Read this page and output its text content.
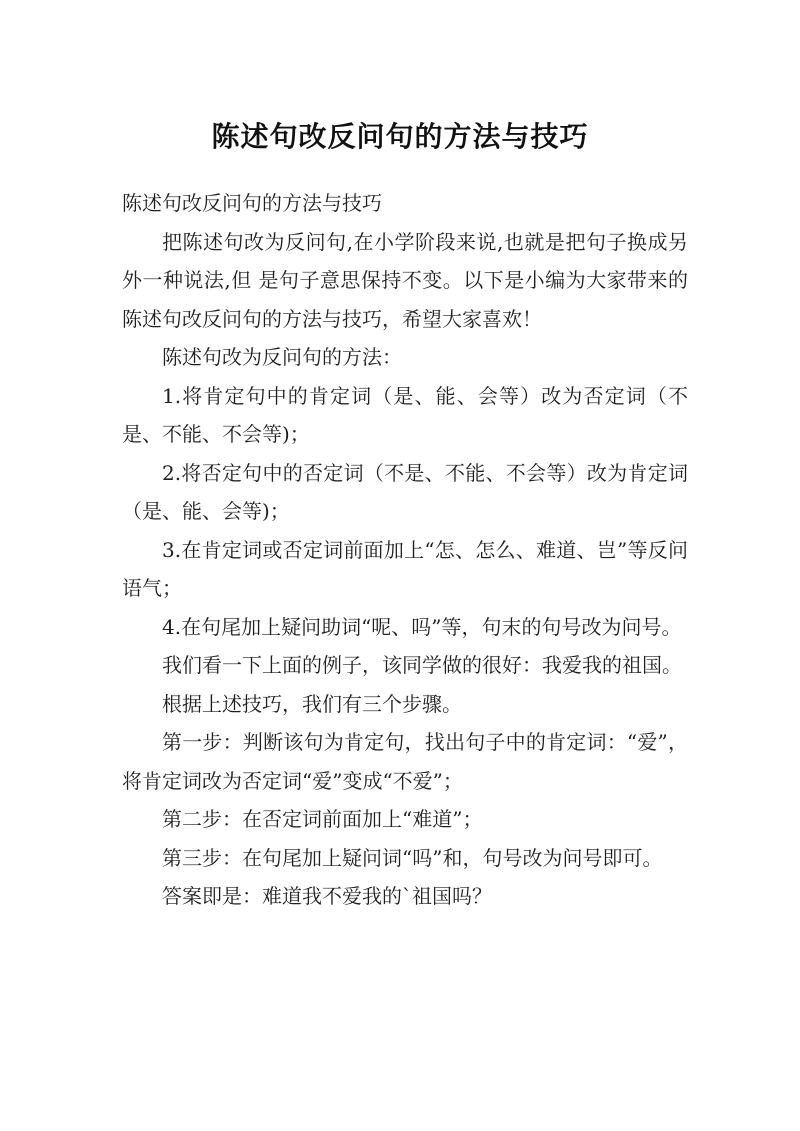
陈述句改反问句的方法与技巧

陈述句改反问句的方法与技巧

把陈述句改为反问句,在小学阶段来说,也就是把句子换成另外一种说法,但 是句子意思保持不变。以下是小编为大家带来的陈述句改反问句的方法与技巧，希望大家喜欢！

陈述句改为反问句的方法：

1.将肯定句中的肯定词（是、能、会等）改为否定词（不是、不能、不会等)；

2.将否定句中的否定词（不是、不能、不会等）改为肯定词（是、能、会等)；

3.在肯定词或否定词前面加上“怎、怎么、难道、岂”等反问语气；

4.在句尾加上疑问助词“呢、吗”等，句末的句号改为问号。

我们看一下上面的例子，该同学做的很好：我爱我的祖国。

根据上述技巧，我们有三个步骤。

第一步：判断该句为肯定句，找出句子中的肯定词：“爱”，将肯定词改为否定词“爱”变成“不爱”；

第二步：在否定词前面加上“难道”；

第三步：在句尾加上疑问词“吗”和，句号改为问号即可。

答案即是：难道我不爱我的`祖国吗？
